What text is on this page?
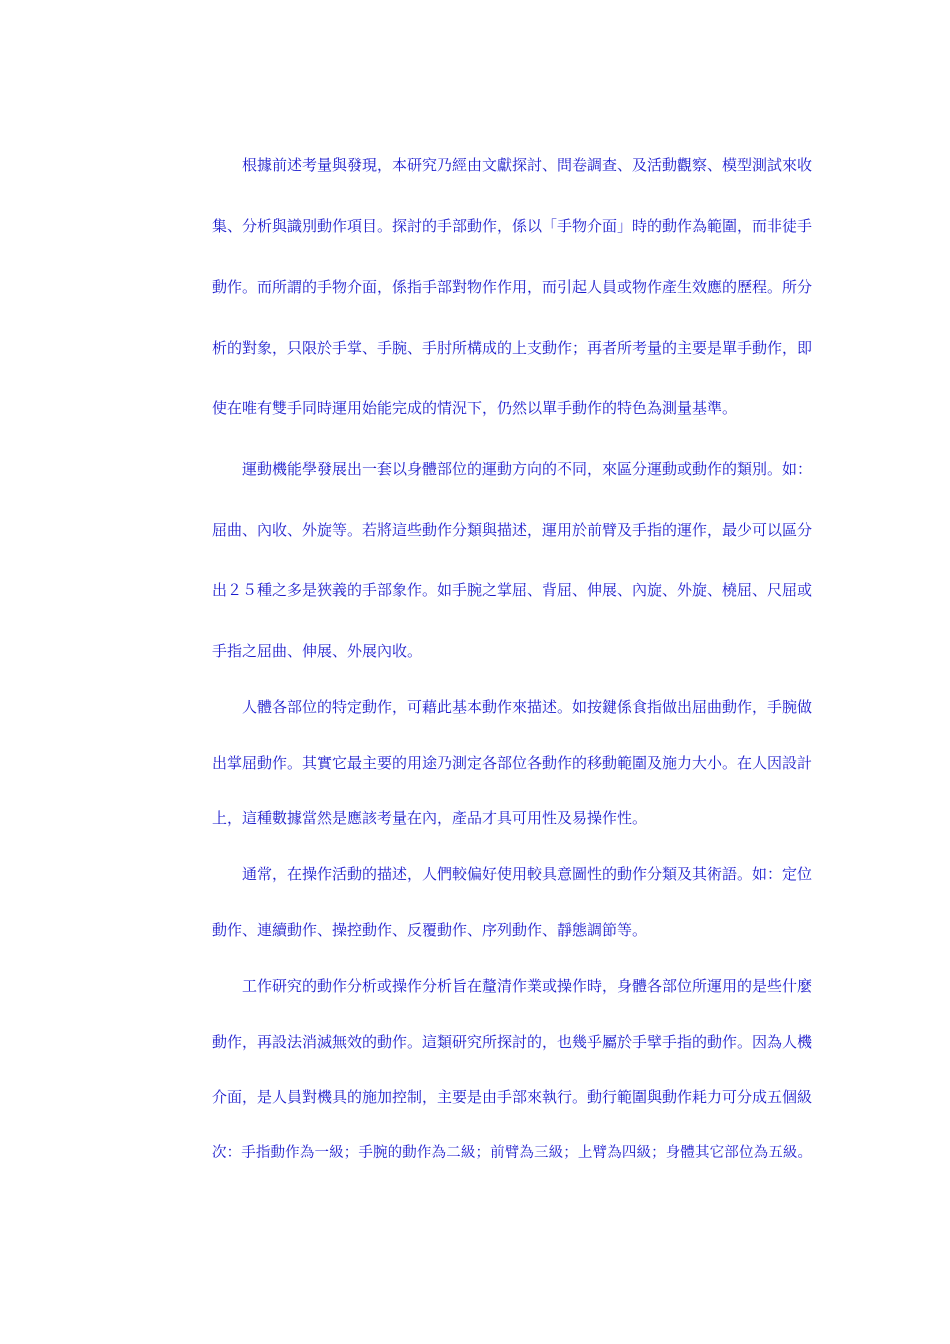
根據前述考量與發現，本研究乃經由文獻探討、問卷調查、及活動觀察、模型測試來收
集、分析與識別動作項目。探討的手部動作，係以「手物介面」時的動作為範圍，而非徒手
動作。而所謂的手物介面，係指手部對物作作用，而引起人員或物作產生效應的歷程。所分
析的對象，只限於手掌、手腕、手肘所構成的上支動作；再者所考量的主要是單手動作，即
使在唯有雙手同時運用始能完成的情況下，仍然以單手動作的特色為測量基準。
運動機能學發展出一套以身體部位的運動方向的不同，來區分運動或動作的類別。如：
屈曲、內收、外旋等。若將這些動作分類與描述，運用於前臂及手指的運作，最少可以區分
出２５種之多是狹義的手部象作。如手腕之掌屈、背屈、伸展、內旋、外旋、橈屈、尺屈或
手指之屈曲、伸展、外展內收。
人體各部位的特定動作，可藉此基本動作來描述。如按鍵係食指做出屈曲動作，手腕做
出掌屈動作。其實它最主要的用途乃測定各部位各動作的移動範圍及施力大小。在人因設計
上，這種數據當然是應該考量在內，產品才具可用性及易操作性。
通常，在操作活動的描述，人們較偏好使用較具意圖性的動作分類及其術語。如：定位
動作、連續動作、操控動作、反覆動作、序列動作、靜態調節等。
工作研究的動作分析或操作分析旨在釐清作業或操作時，身體各部位所運用的是些什麼
動作，再設法消滅無效的動作。這類研究所探討的，也幾乎屬於手擘手指的動作。因為人機
介面，是人員對機具的施加控制，主要是由手部來執行。動行範圍與動作耗力可分成五個級
次：手指動作為一級；手腕的動作為二級；前臂為三級；上臂為四級；身體其它部位為五級。
